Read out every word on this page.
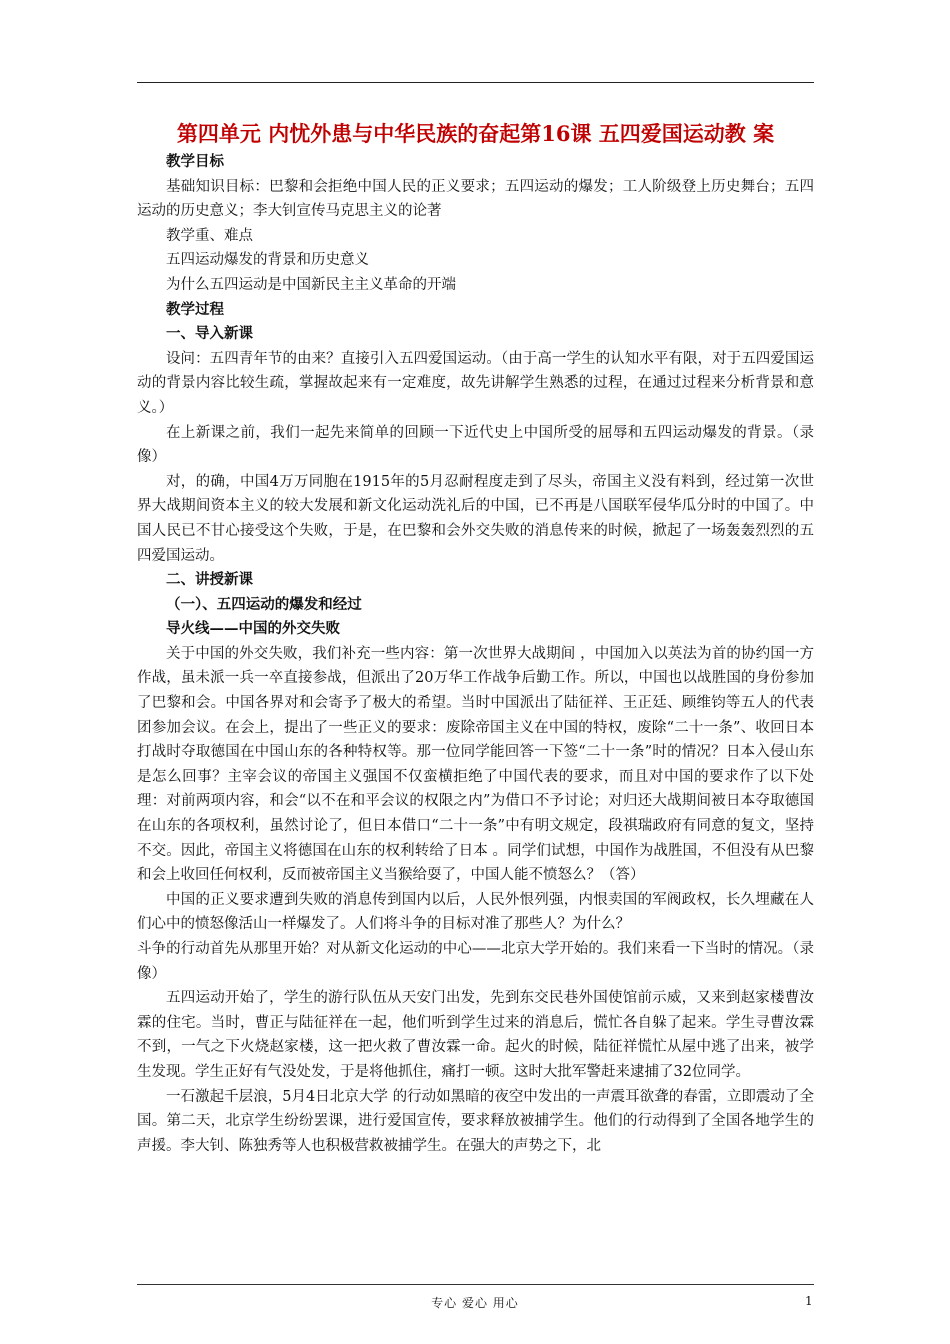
第四单元 内忧外患与中华民族的奋起第16课 五四爱国运动教 案
教学目标

基础知识目标：巴黎和会拒绝中国人民的正义要求；五四运动的爆发；工人阶级登上历史舞台；五四运动的历史意义；李大钊宣传马克思主义的论著

教学重、难点
五四运动爆发的背景和历史意义
为什么五四运动是中国新民主主义革命的开端
教学过程
一、导入新课

设问：五四青年节的由来？直接引入五四爱国运动。（由于高一学生的认知水平有限，对于五四爱国运动的背景内容比较生疏，掌握故起来有一定难度，故先讲解学生熟悉的过程，在通过过程来分析背景和意义。）

在上新课之前，我们一起先来简单的回顾一下近代史上中国所受的屈辱和五四运动爆发的背景。（录像）

对，的确，中国4万万同胞在1915年的5月忍耐程度走到了尽头，帝国主义没有料到，经过第一次世界大战期间资本主义的较大发展和新文化运动洗礼后的中国，已不再是八国联军侵华瓜分时的中国了。中国人民已不甘心接受这个失败，于是，在巴黎和会外交失败的消息传来的时候，掀起了一场轰轰烈烈的五四爱国运动。

二、讲授新课
（一）、五四运动的爆发和经过
导火线——中国的外交失败

关于中国的外交失败，我们补充一些内容：第一次世界大战期间 ，中国加入以英法为首的协约国一方作战，虽未派一兵一卒直接参战，但派出了20万华工作战争后勤工作。所以，中国也以战胜国的身份参加了巴黎和会。中国各界对和会寄予了极大的希望。当时中国派出了陆征祥、王正廷、顾维钧等五人的代表团参加会议。在会上，提出了一些正义的要求：废除帝国主义在中国的特权，废除“二十一条”、收回日本打战时夺取德国在中国山东的各种特权等。那一位同学能回答一下签“二十一条”时的情况？日本入侵山东是怎么回事？主宰会议的帝国主义强国不仅蛮横拒绝了中国代表的要求，而且对中国的要求作了以下处理：对前两项内容，和会“以不在和平会议的权限之内”为借口不予讨论；对归还大战期间被日本夺取德国在山东的各项权利，虽然讨论了，但日本借口“二十一条”中有明文规定，段祺瑞政府有同意的复文，坚持不交。因此，帝国主义将德国在山东的权利转给了日本 。同学们试想，中国作为战胜国，不但没有从巴黎和会上收回任何权利，反而被帝国主义当猴给耍了，中国人能不愤怒么？（答）

中国的正义要求遭到失败的消息传到国内以后，人民外恨列强，内恨卖国的军阀政权，长久埋藏在人们心中的愤怒像活山一样爆发了。人们将斗争的目标对准了那些人？为什么？

斗争的行动首先从那里开始？对从新文化运动的中心——北京大学开始的。我们来看一下当时的情况。（录像）

五四运动开始了，学生的游行队伍从天安门出发，先到东交民巷外国使馆前示威，又来到赵家楼曹汝霖的住宅。当时，曹正与陆征祥在一起，他们听到学生过来的消息后，慌忙各自躲了起来。学生寻曹汝霖不到，一气之下火烧赵家楼，这一把火救了曹汝霖一命。起火的时候，陆征祥慌忙从屋中逃了出来，被学生发现。学生正好有气没处发，于是将他抓住，痛打一顿。这时大批军警赶来逮捕了32位同学。

一石激起千层浪，5月4日北京大学 的行动如黑暗的夜空中发出的一声震耳欲聋的春雷，立即震动了全国。第二天，北京学生纷纷罢课，进行爱国宣传，要求释放被捕学生。他们的行动得到了全国各地学生的声援。李大钊、陈独秀等人也积极营救被捕学生。在强大的声势之下，北

专心 爱心 用心	1
